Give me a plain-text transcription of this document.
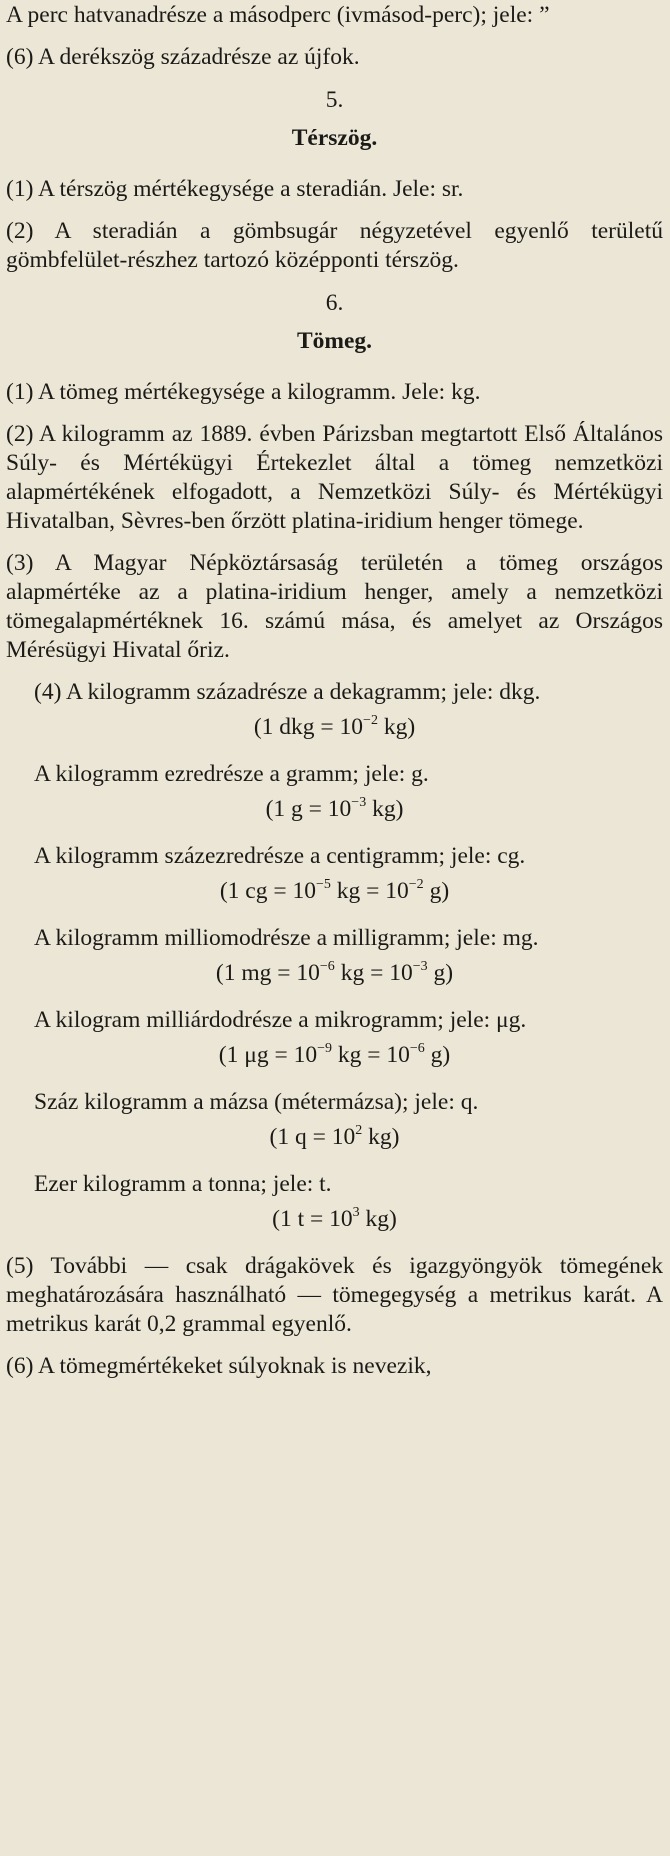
A perc hatvanadrésze a másodperc (ivmásod-perc); jele: ”

(6) A derékszög századrésze az újfok.

5.

Térszög.

(1) A térszög mértékegysége a steradián. Jele: sr.

(2) A steradián a gömbsugár négyzetével egyenlő területű gömbfelület-részhez tartozó középponti térszög.

6.

Tömeg.

(1) A tömeg mértékegysége a kilogramm. Jele: kg.

(2) A kilogramm az 1889. évben Párizsban megtartott Első Általános Súly- és Mértékügyi Értekezlet által a tömeg nemzetközi alapmértékének elfogadott, a Nemzetközi Súly- és Mértékügyi Hivatalban, Sèvres-ben őrzött platina-iridium henger tömege.

(3) A Magyar Népköztársaság területén a tömeg országos alapmértéke az a platina-iridium henger, amely a nemzetközi tömegalapmértéknek 16. számú mása, és amelyet az Országos Mérésügyi Hivatal őriz.

(4) A kilogramm századrésze a dekagramm; jele: dkg.

(1 dkg = $10^{-2}$ kg)

A kilogramm ezredrésze a gramm; jele: g.

(1 $g = 10^{-3}$ kg)

A kilogramm százezredrésze a centigramm; jele: cg.

(1 cg = $10^{-5}$ kg = $10^{-2}$ g)

A kilogramm milliomodrésze a milligramm; jele: mg.

(1 mg = $10^{-6}$ kg = $10^{-3}$ g)

A kilogram milliárdodrésze a mikrogramm; jele: μg.

(1 $\mu g = 10^{-9}$ kg = $10^{-6}$ g)

Száz kilogramm a mázsa (métermázsa); jele: q.

(1 $q = 10^2$ kg)

Ezer kilogramm a tonna; jele: t.

(1 $t = 10^3$ kg)

(5) További — csak drágakövek és igazgyöngyök tömegének meghatározására használható — tömegegység a metrikus karát. A metrikus karát 0,2 grammal egyenlő.

(6) A tömegmértékeket súlyoknak is nevezik,
